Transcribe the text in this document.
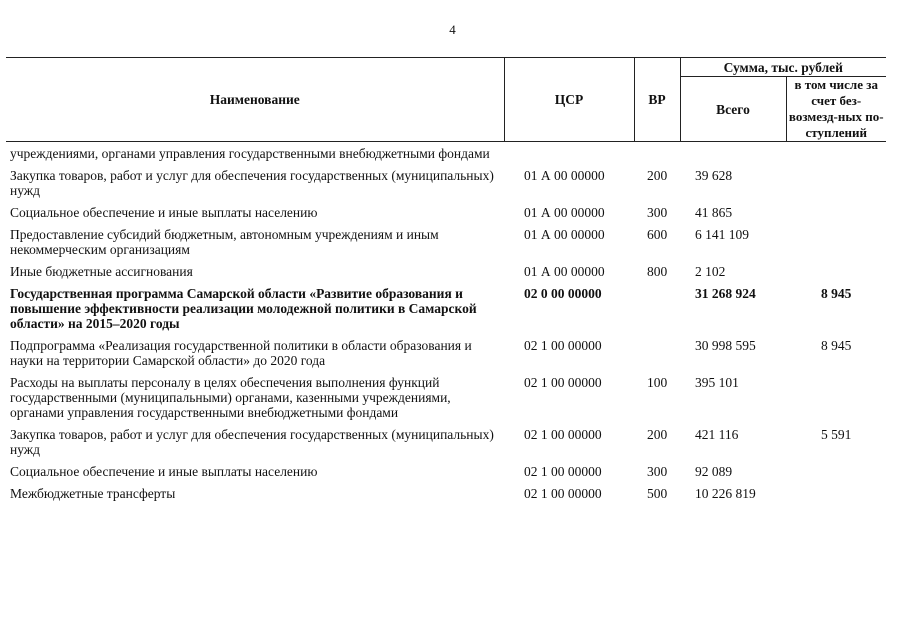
4
Наименование	ЦСР	ВР	Сумма, тыс. рублей	
			Всего	в том числе за счет без-возмезд-ных по-ступлений
учреждениями, органами управления государственными внебюджетными фондами				
Закупка товаров, работ и услуг для обеспечения государственных (муниципальных) нужд	01 А 00 00000	200	39 628	
Социальное обеспечение и иные выплаты населению	01 А 00 00000	300	41 865	
Предоставление субсидий бюджетным, автономным учреждениям и иным некоммерческим организациям	01 А 00 00000	600	6 141 109	
Иные бюджетные ассигнования	01 А 00 00000	800	2 102	
Государственная программа Самарской области «Развитие образования и повышение эффективности реализации молодежной политики в Самарской области» на 2015–2020 годы	02 0 00 00000		31 268 924	8 945
Подпрограмма «Реализация государственной политики в области образования и науки на территории Самарской области» до 2020 года	02 1 00 00000		30 998 595	8 945
Расходы на выплаты персоналу в целях обеспечения выполнения функций государственными (муниципальными) органами, казенными учреждениями, органами управления государственными внебюджетными фондами	02 1 00 00000	100	395 101	
Закупка товаров, работ и услуг для обеспечения государственных (муниципальных) нужд	02 1 00 00000	200	421 116	5 591
Социальное обеспечение и иные выплаты населению	02 1 00 00000	300	92 089	
Межбюджетные трансферты	02 1 00 00000	500	10 226 819	
